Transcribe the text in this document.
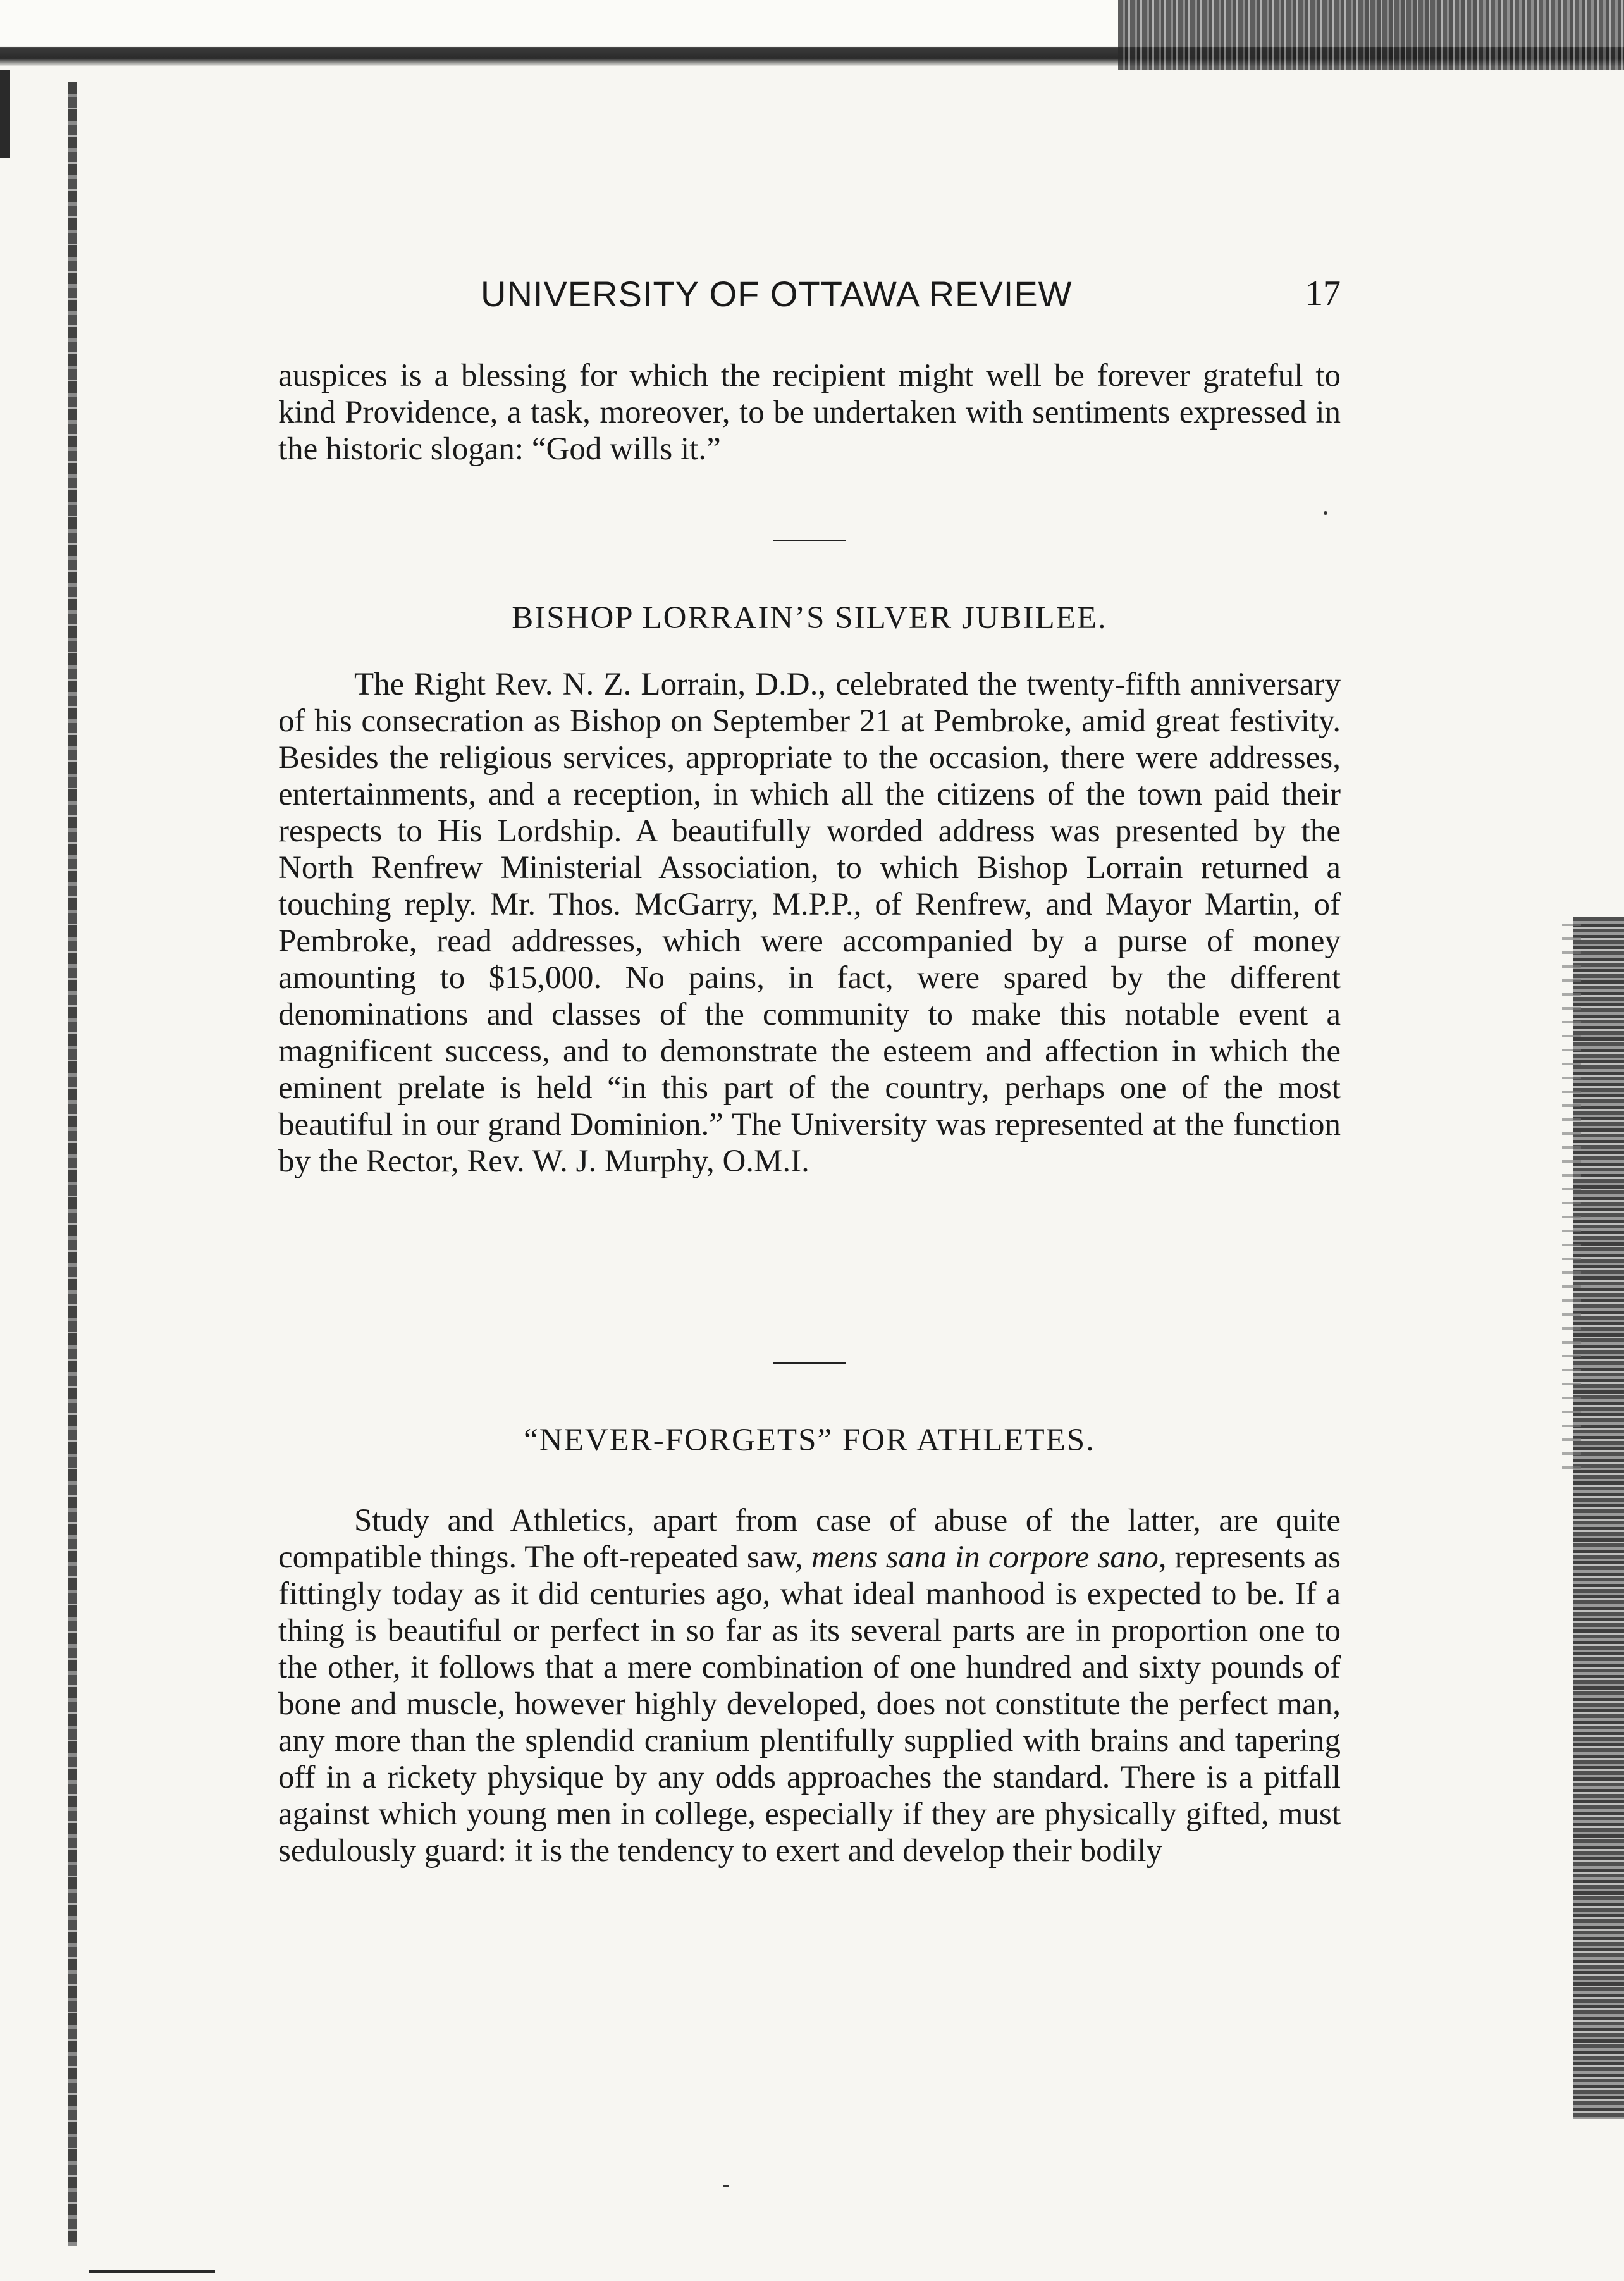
UNIVERSITY OF OTTAWA REVIEW	17

auspices is a blessing for which the recipient might well be forever grateful to kind Providence, a task, moreover, to be undertaken with sentiments expressed in the historic slogan: “God wills it.”

BISHOP LORRAIN’S SILVER JUBILEE.

The Right Rev. N. Z. Lorrain, D.D., celebrated the twenty-fifth anniversary of his consecration as Bishop on September 21 at Pembroke, amid great festivity. Besides the religious services, appropriate to the occasion, there were addresses, entertainments, and a reception, in which all the citizens of the town paid their respects to His Lordship. A beautifully worded address was presented by the North Renfrew Ministerial Association, to which Bishop Lorrain returned a touching reply. Mr. Thos. McGarry, M.P.P., of Renfrew, and Mayor Martin, of Pembroke, read addresses, which were accompanied by a purse of money amounting to $15,000. No pains, in fact, were spared by the different denominations and classes of the community to make this notable event a magnificent success, and to demonstrate the esteem and affection in which the eminent prelate is held “in this part of the country, perhaps one of the most beautiful in our grand Dominion.” The University was represented at the function by the Rector, Rev. W. J. Murphy, O.M.I.

“NEVER-FORGETS” FOR ATHLETES.

Study and Athletics, apart from case of abuse of the latter, are quite compatible things. The oft-repeated saw, mens sana in corpore sano, represents as fittingly today as it did centuries ago, what ideal manhood is expected to be. If a thing is beautiful or perfect in so far as its several parts are in proportion one to the other, it follows that a mere combination of one hundred and sixty pounds of bone and muscle, however highly developed, does not constitute the perfect man, any more than the splendid cranium plentifully supplied with brains and tapering off in a rickety physique by any odds approaches the standard. There is a pitfall against which young men in college, especially if they are physically gifted, must sedulously guard: it is the tendency to exert and develop their bodily
